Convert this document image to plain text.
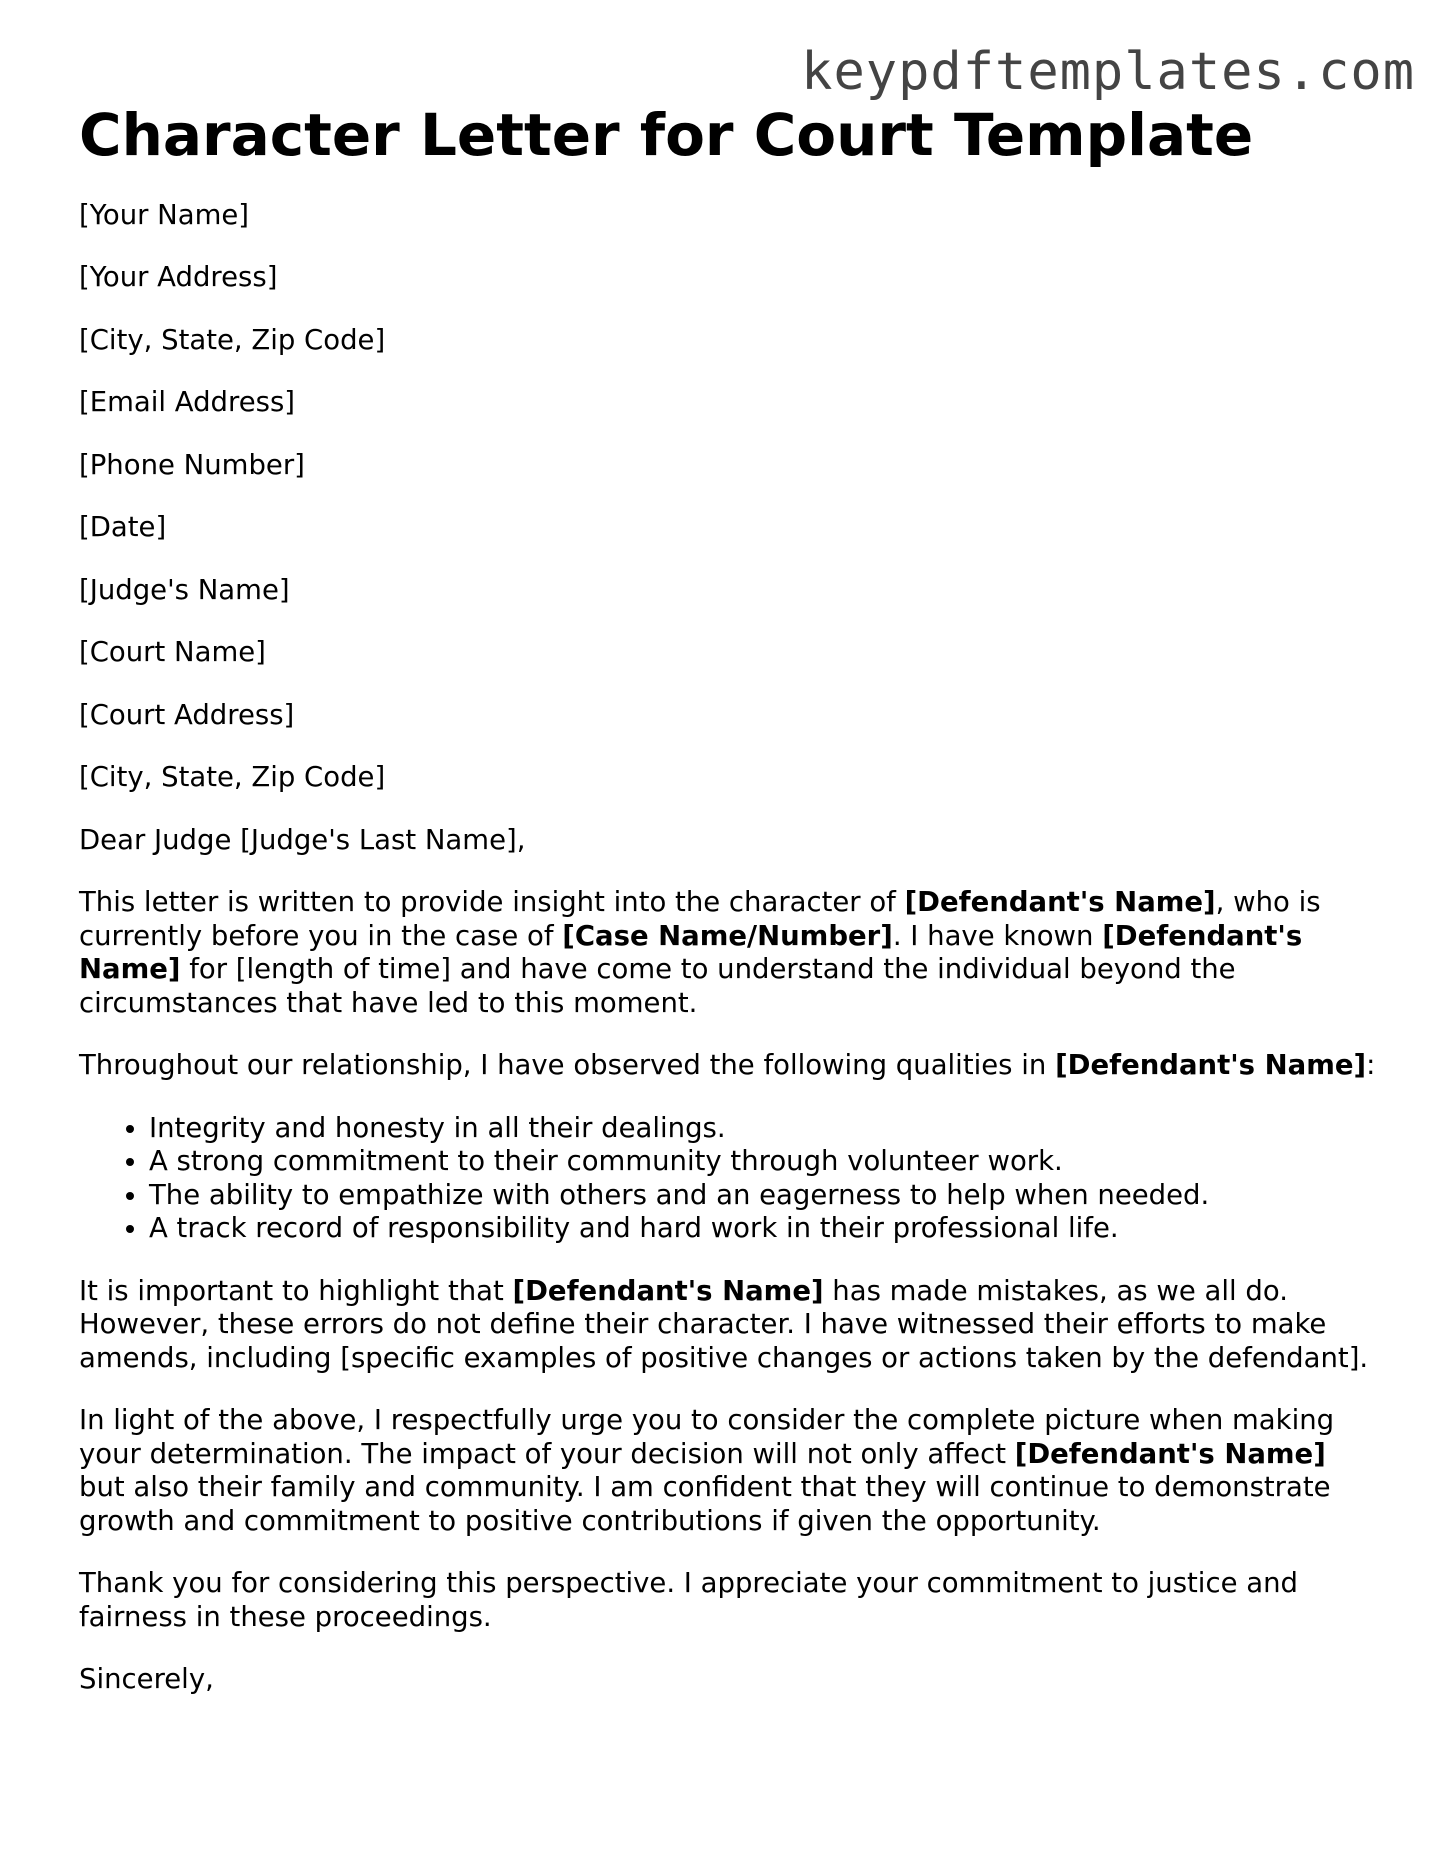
keypdftemplates.com
Character Letter for Court Template

[Your Name]

[Your Address]

[City, State, Zip Code]

[Email Address]

[Phone Number]

[Date]

[Judge's Name]

[Court Name]

[Court Address]

[City, State, Zip Code]

Dear Judge [Judge's Last Name],

This letter is written to provide insight into the character of [Defendant's Name], who is currently before you in the case of [Case Name/Number]. I have known [Defendant's Name] for [length of time] and have come to understand the individual beyond the circumstances that have led to this moment.

Throughout our relationship, I have observed the following qualities in [Defendant's Name]:

• Integrity and honesty in all their dealings.
• A strong commitment to their community through volunteer work.
• The ability to empathize with others and an eagerness to help when needed.
• A track record of responsibility and hard work in their professional life.

It is important to highlight that [Defendant's Name] has made mistakes, as we all do. However, these errors do not define their character. I have witnessed their efforts to make amends, including [specific examples of positive changes or actions taken by the defendant].

In light of the above, I respectfully urge you to consider the complete picture when making your determination. The impact of your decision will not only affect [Defendant's Name] but also their family and community. I am confident that they will continue to demonstrate growth and commitment to positive contributions if given the opportunity.

Thank you for considering this perspective. I appreciate your commitment to justice and fairness in these proceedings.

Sincerely,
